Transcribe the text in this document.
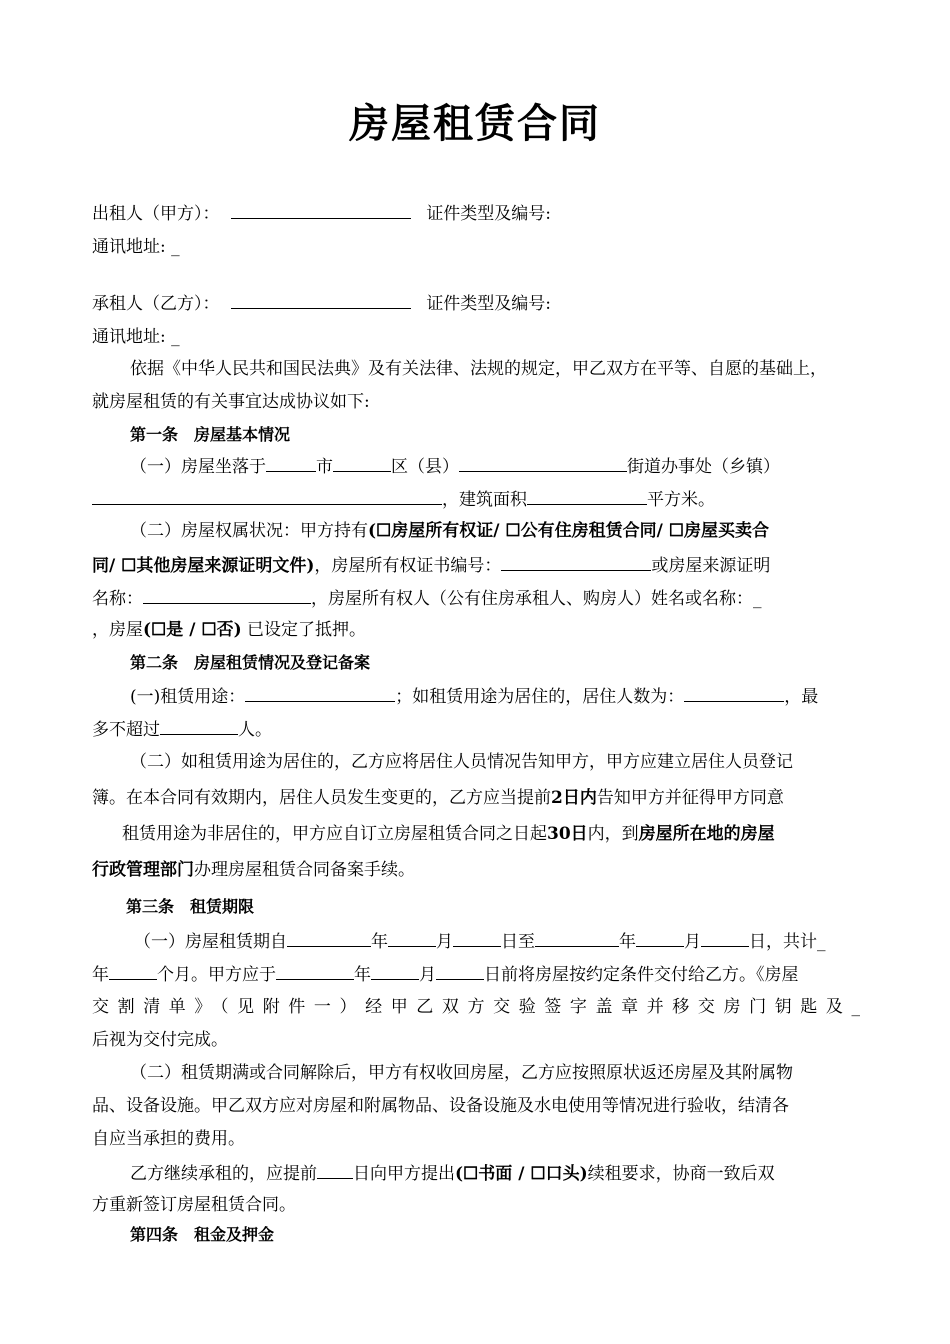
房屋租赁合同
出租人（甲方）：	证件类型及编号:
通讯地址: _
承租人（乙方）：	证件类型及编号:
通讯地址: _
依据《中华人民共和国民法典》及有关法律、法规的规定，甲乙双方在平等、自愿的基础上，
就房屋租赁的有关事宜达成协议如下:
第一条　房屋基本情况
（一）房屋坐落于	市	区（县）	街道办事处（乡镇）
，建筑面积	平方米。
（二）房屋权属状况：甲方持有(☐房屋所有权证/ ☐公有住房租赁合同/ ☐房屋买卖合
同/ ☐其他房屋来源证明文件)，房屋所有权证书编号：	或房屋来源证明
名称：	，房屋所有权人（公有住房承租人、购房人）姓名或名称：_
，房屋(☐是 / ☐否) 已设定了抵押。
第二条　房屋租赁情况及登记备案
(一)租赁用途：	；如租赁用途为居住的，居住人数为：	，最
多不超过	人。
（二）如租赁用途为居住的，乙方应将居住人员情况告知甲方，甲方应建立居住人员登记
簿。在本合同有效期内，居住人员发生变更的，乙方应当提前2日内告知甲方并征得甲方同意
租赁用途为非居住的，甲方应自订立房屋租赁合同之日起30日内，到房屋所在地的房屋
行政管理部门办理房屋租赁合同备案手续。
第三条　租赁期限
（一）房屋租赁期自	年	月	日至	年	月	日，共计_
年	个月。甲方应于	年	月	日前将房屋按约定条件交付给乙方。《房屋
交割清单》（见附件一）经甲乙双方交验签字盖章并移交房门钥匙及_
后视为交付完成。
（二）租赁期满或合同解除后，甲方有权收回房屋，乙方应按照原状返还房屋及其附属物
品、设备设施。甲乙双方应对房屋和附属物品、设备设施及水电使用等情况进行验收，结清各
自应当承担的费用。
乙方继续承租的，应提前 日向甲方提出(☐书面 / ☐口头)续租要求，协商一致后双
方重新签订房屋租赁合同。
第四条　租金及押金
